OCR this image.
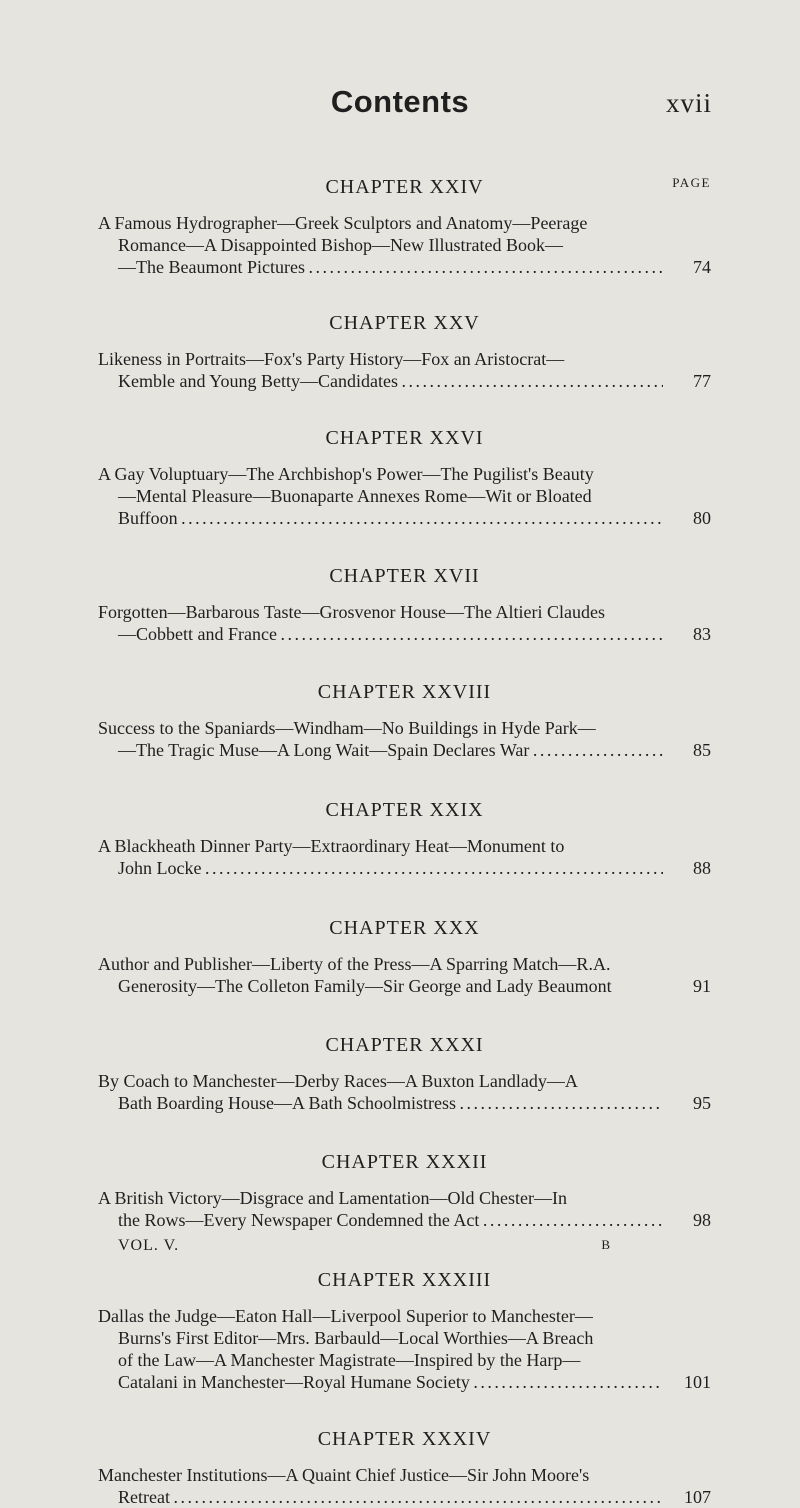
Contents	xvii
PAGE
CHAPTER XXIV
A Famous Hydrographer—Greek Sculptors and Anatomy—Peerage
Romance—A Disappointed Bishop—New Illustrated Book—
—The Beaumont Pictures . . .	74
CHAPTER XXV
Likeness in Portraits—Fox's Party History—Fox an Aristocrat—
Kemble and Young Betty—Candidates . . .	77
CHAPTER XXVI
A Gay Voluptuary—The Archbishop's Power—The Pugilist's Beauty
—Mental Pleasure—Buonaparte Annexes Rome—Wit or Bloated
Buffoon . . .	80
CHAPTER XVII
Forgotten—Barbarous Taste—Grosvenor House—The Altieri Claudes
—Cobbett and France . . .	83
CHAPTER XXVIII
Success to the Spaniards—Windham—No Buildings in Hyde Park—
—The Tragic Muse—A Long Wait—Spain Declares War . . .	85
CHAPTER XXIX
A Blackheath Dinner Party—Extraordinary Heat—Monument to
John Locke . . .	88
CHAPTER XXX
Author and Publisher—Liberty of the Press—A Sparring Match—R.A.
Generosity—The Colleton Family—Sir George and Lady Beaumont	91
CHAPTER XXXI
By Coach to Manchester—Derby Races—A Buxton Landlady—A
Bath Boarding House—A Bath Schoolmistress . . .	95
CHAPTER XXXII
A British Victory—Disgrace and Lamentation—Old Chester—In
the Rows—Every Newspaper Condemned the Act . . .	98
CHAPTER XXXIII
Dallas the Judge—Eaton Hall—Liverpool Superior to Manchester—
Burns's First Editor—Mrs. Barbauld—Local Worthies—A Breach
of the Law—A Manchester Magistrate—Inspired by the Harp—
Catalani in Manchester—Royal Humane Society . . .	101
CHAPTER XXXIV
Manchester Institutions—A Quaint Chief Justice—Sir John Moore's
Retreat . . .	107
VOL. V.	B
